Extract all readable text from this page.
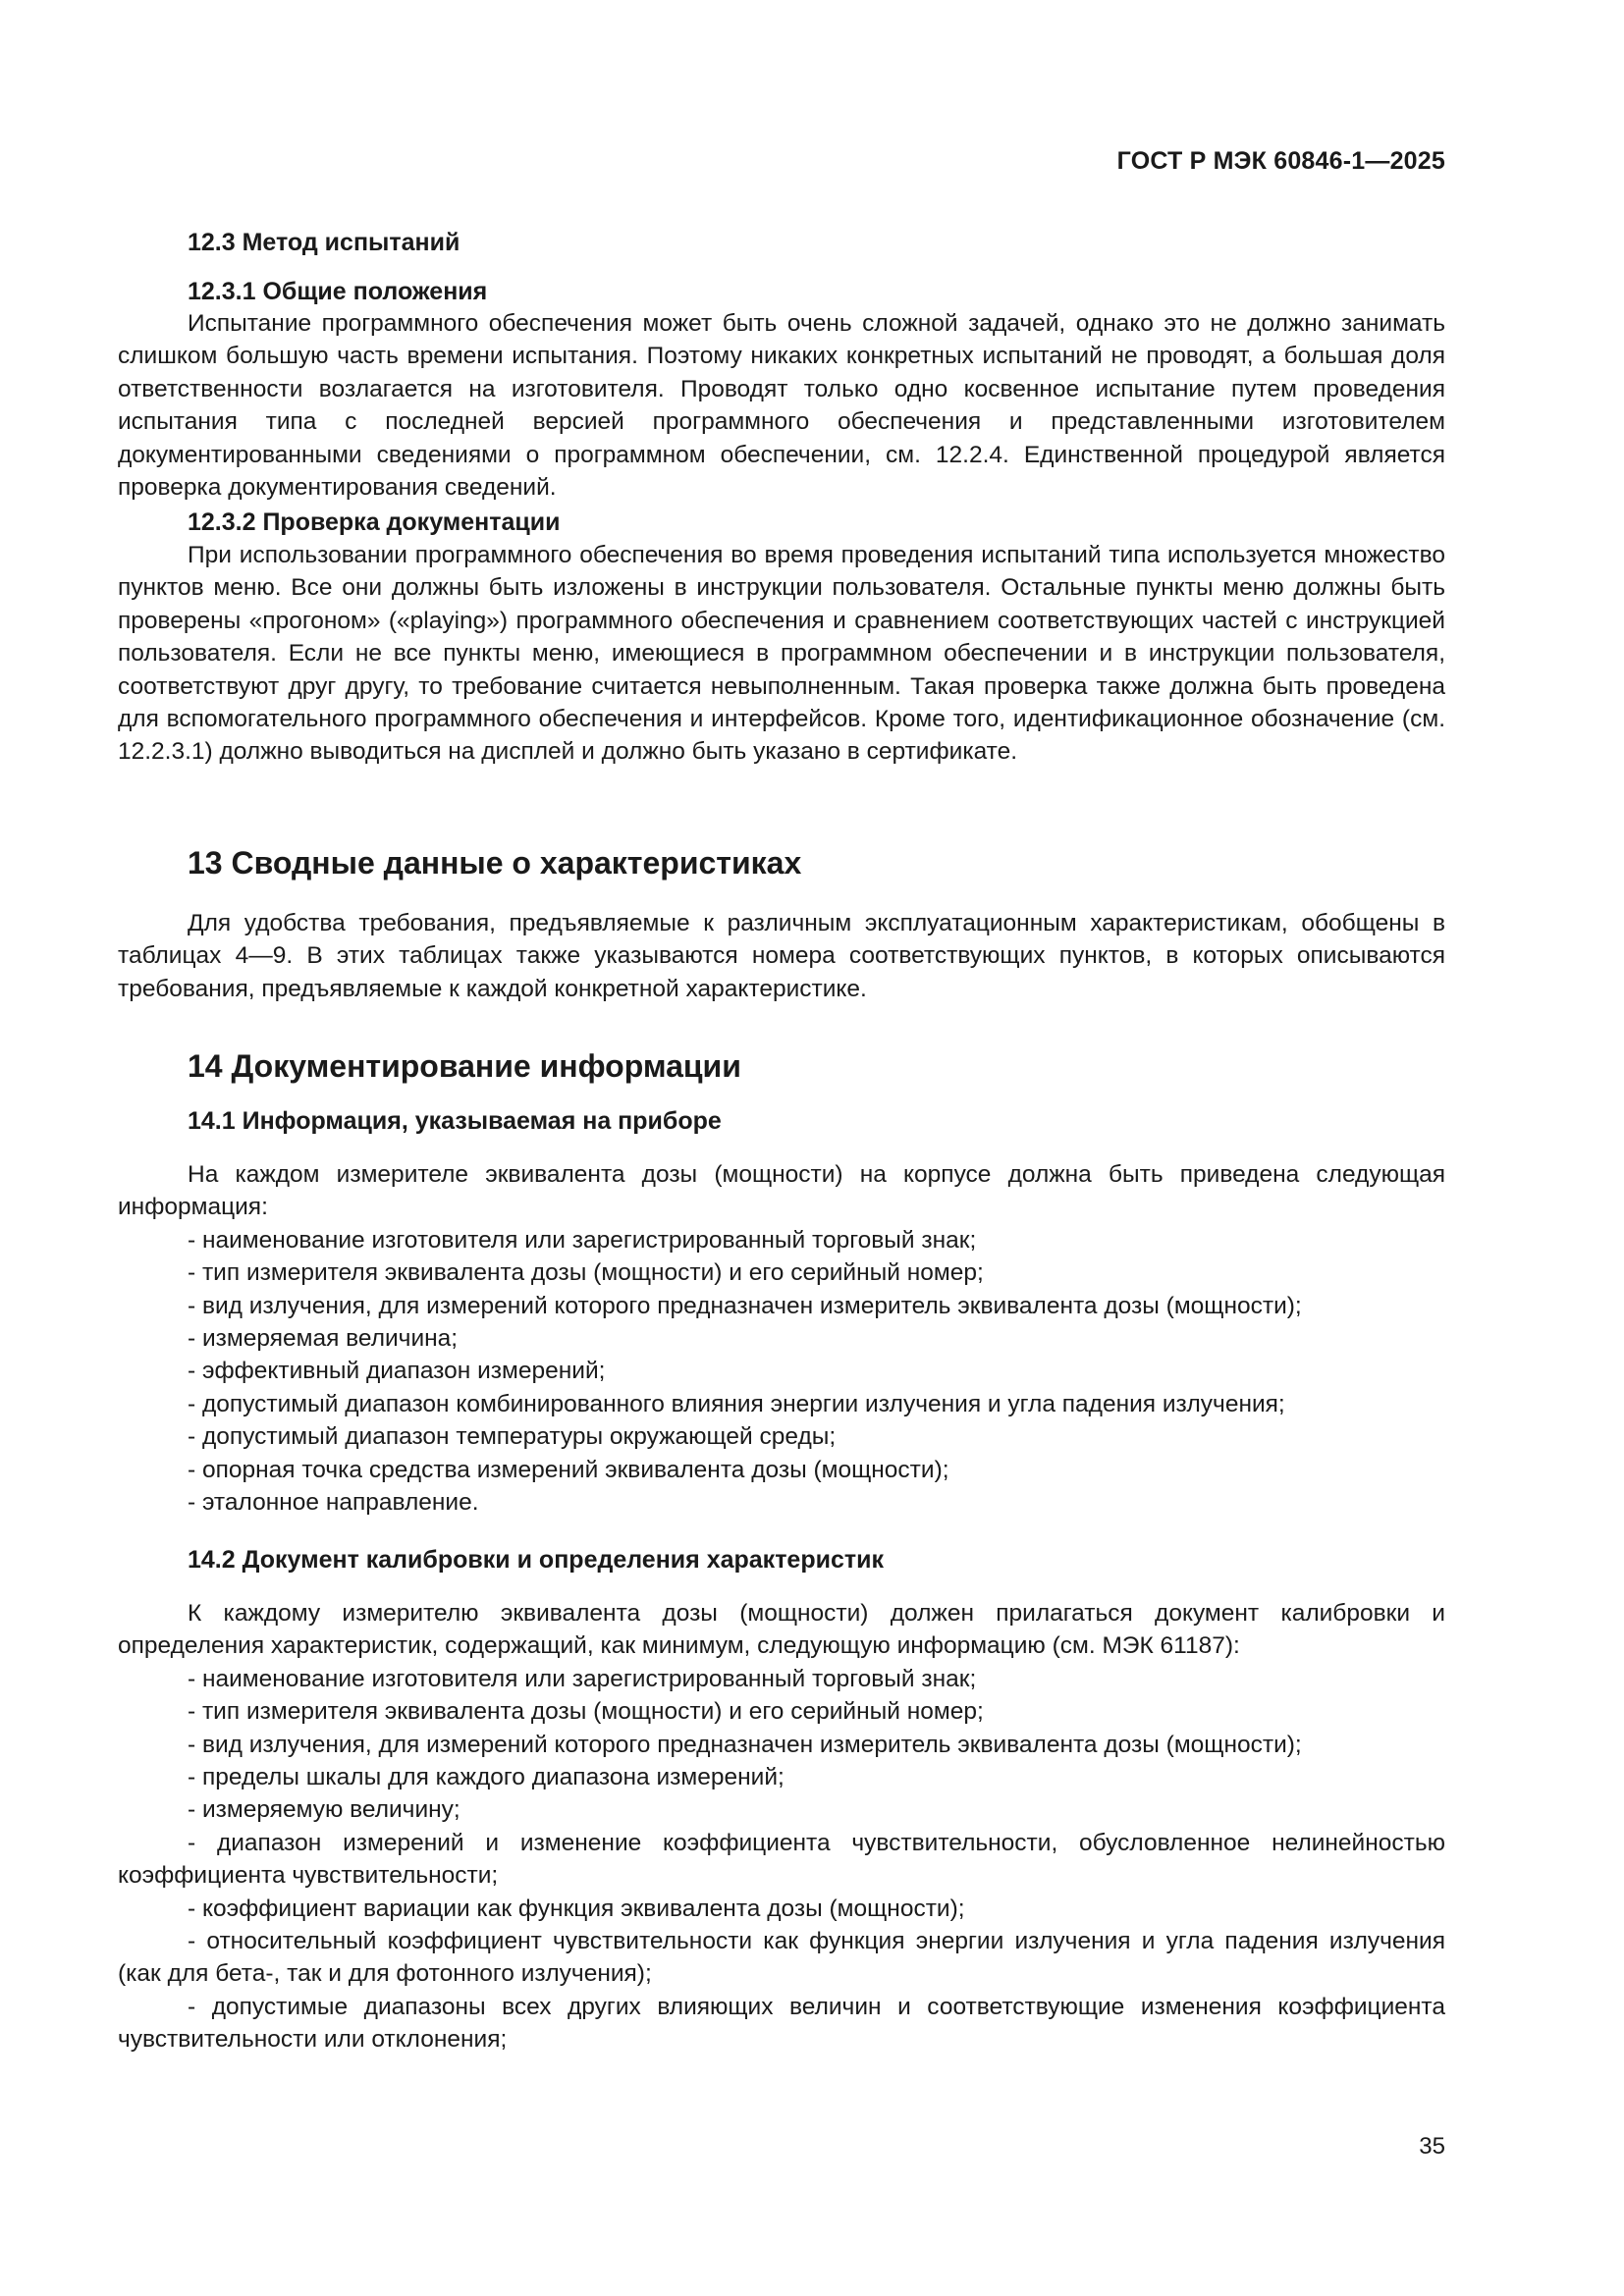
ГОСТ Р МЭК 60846-1—2025
12.3 Метод испытаний
12.3.1 Общие положения

Испытание программного обеспечения может быть очень сложной задачей, однако это не должно занимать слишком большую часть времени испытания. Поэтому никаких конкретных испытаний не проводят, а большая доля ответственности возлагается на изготовителя. Проводят только одно косвенное испытание путем проведения испытания типа с последней версией программного обеспечения и представленными изготовителем документированными сведениями о программном обеспечении, см. 12.2.4. Единственной процедурой является проверка документирования сведений.

12.3.2 Проверка документации

При использовании программного обеспечения во время проведения испытаний типа используется множество пунктов меню. Все они должны быть изложены в инструкции пользователя. Остальные пункты меню должны быть проверены «прогоном» («playing») программного обеспечения и сравнением соответствующих частей с инструкцией пользователя. Если не все пункты меню, имеющиеся в программном обеспечении и в инструкции пользователя, соответствуют друг другу, то требование считается невыполненным. Такая проверка также должна быть проведена для вспомогательного программного обеспечения и интерфейсов. Кроме того, идентификационное обозначение (см. 12.2.3.1) должно выводиться на дисплей и должно быть указано в сертификате.

13 Сводные данные о характеристиках

Для удобства требования, предъявляемые к различным эксплуатационным характеристикам, обобщены в таблицах 4—9. В этих таблицах также указываются номера соответствующих пунктов, в которых описываются требования, предъявляемые к каждой конкретной характеристике.

14 Документирование информации
14.1 Информация, указываемая на приборе

На каждом измерителе эквивалента дозы (мощности) на корпусе должна быть приведена следующая информация:

- наименование изготовителя или зарегистрированный торговый знак;

- тип измерителя эквивалента дозы (мощности) и его серийный номер;

- вид излучения, для измерений которого предназначен измеритель эквивалента дозы (мощности);

- измеряемая величина;

- эффективный диапазон измерений;

- допустимый диапазон комбинированного влияния энергии излучения и угла падения излучения;

- допустимый диапазон температуры окружающей среды;

- опорная точка средства измерений эквивалента дозы (мощности);

- эталонное направление.

14.2 Документ калибровки и определения характеристик

К каждому измерителю эквивалента дозы (мощности) должен прилагаться документ калибровки и определения характеристик, содержащий, как минимум, следующую информацию (см. МЭК 61187):

- наименование изготовителя или зарегистрированный торговый знак;

- тип измерителя эквивалента дозы (мощности) и его серийный номер;

- вид излучения, для измерений которого предназначен измеритель эквивалента дозы (мощности);

- пределы шкалы для каждого диапазона измерений;

- измеряемую величину;

- диапазон измерений и изменение коэффициента чувствительности, обусловленное нелинейностью коэффициента чувствительности;

- коэффициент вариации как функция эквивалента дозы (мощности);

- относительный коэффициент чувствительности как функция энергии излучения и угла падения излучения (как для бета-, так и для фотонного излучения);

- допустимые диапазоны всех других влияющих величин и соответствующие изменения коэффициента чувствительности или отклонения;

35
